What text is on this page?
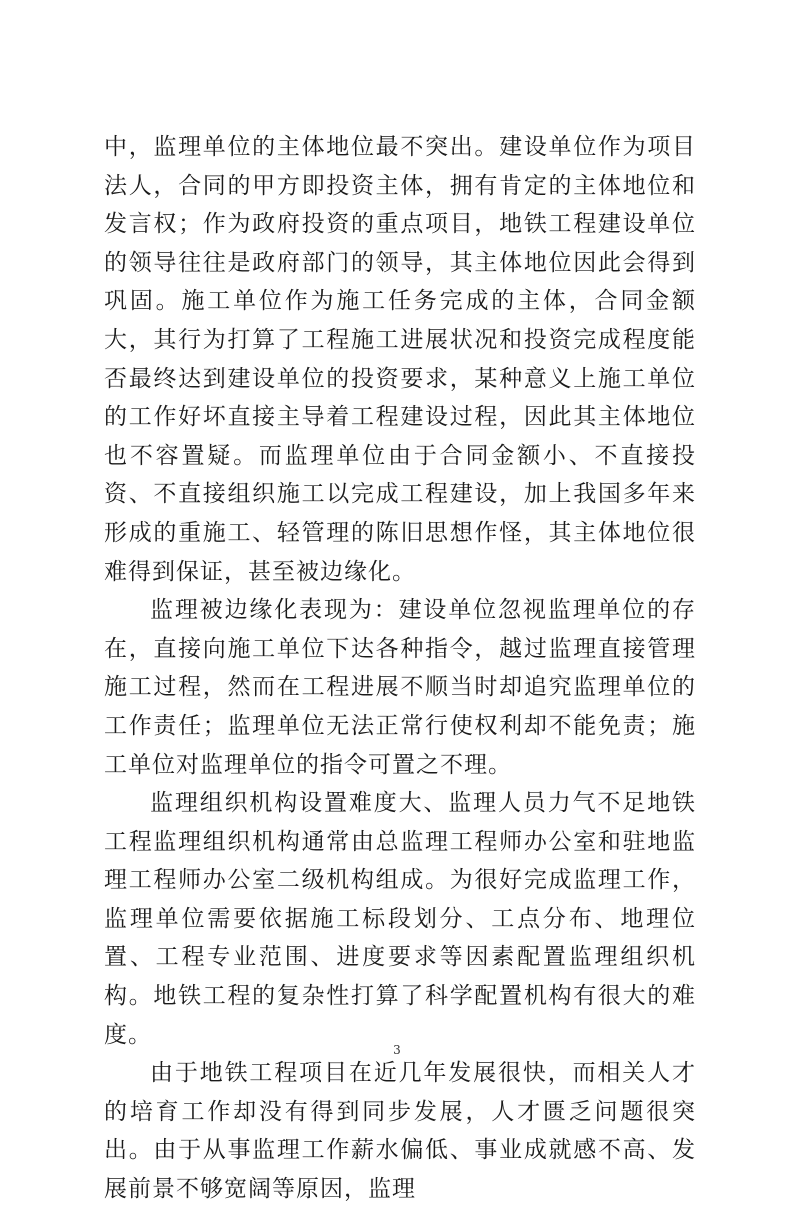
中，监理单位的主体地位最不突出。建设单位作为项目法人，合同的甲方即投资主体，拥有肯定的主体地位和发言权；作为政府投资的重点项目，地铁工程建设单位的领导往往是政府部门的领导，其主体地位因此会得到巩固。施工单位作为施工任务完成的主体，合同金额大，其行为打算了工程施工进展状况和投资完成程度能否最终达到建设单位的投资要求，某种意义上施工单位的工作好坏直接主导着工程建设过程，因此其主体地位也不容置疑。而监理单位由于合同金额小、不直接投资、不直接组织施工以完成工程建设，加上我国多年来形成的重施工、轻管理的陈旧思想作怪，其主体地位很难得到保证，甚至被边缘化。

监理被边缘化表现为：建设单位忽视监理单位的存在，直接向施工单位下达各种指令，越过监理直接管理施工过程，然而在工程进展不顺当时却追究监理单位的工作责任；监理单位无法正常行使权利却不能免责；施工单位对监理单位的指令可置之不理。

监理组织机构设置难度大、监理人员力气不足地铁工程监理组织机构通常由总监理工程师办公室和驻地监理工程师办公室二级机构组成。为很好完成监理工作，监理单位需要依据施工标段划分、工点分布、地理位置、工程专业范围、进度要求等因素配置监理组织机构。地铁工程的复杂性打算了科学配置机构有很大的难度。

由于地铁工程项目在近几年发展很快，而相关人才的培育工作却没有得到同步发展，人才匮乏问题很突出。由于从事监理工作薪水偏低、事业成就感不高、发展前景不够宽阔等原因，监理

3
